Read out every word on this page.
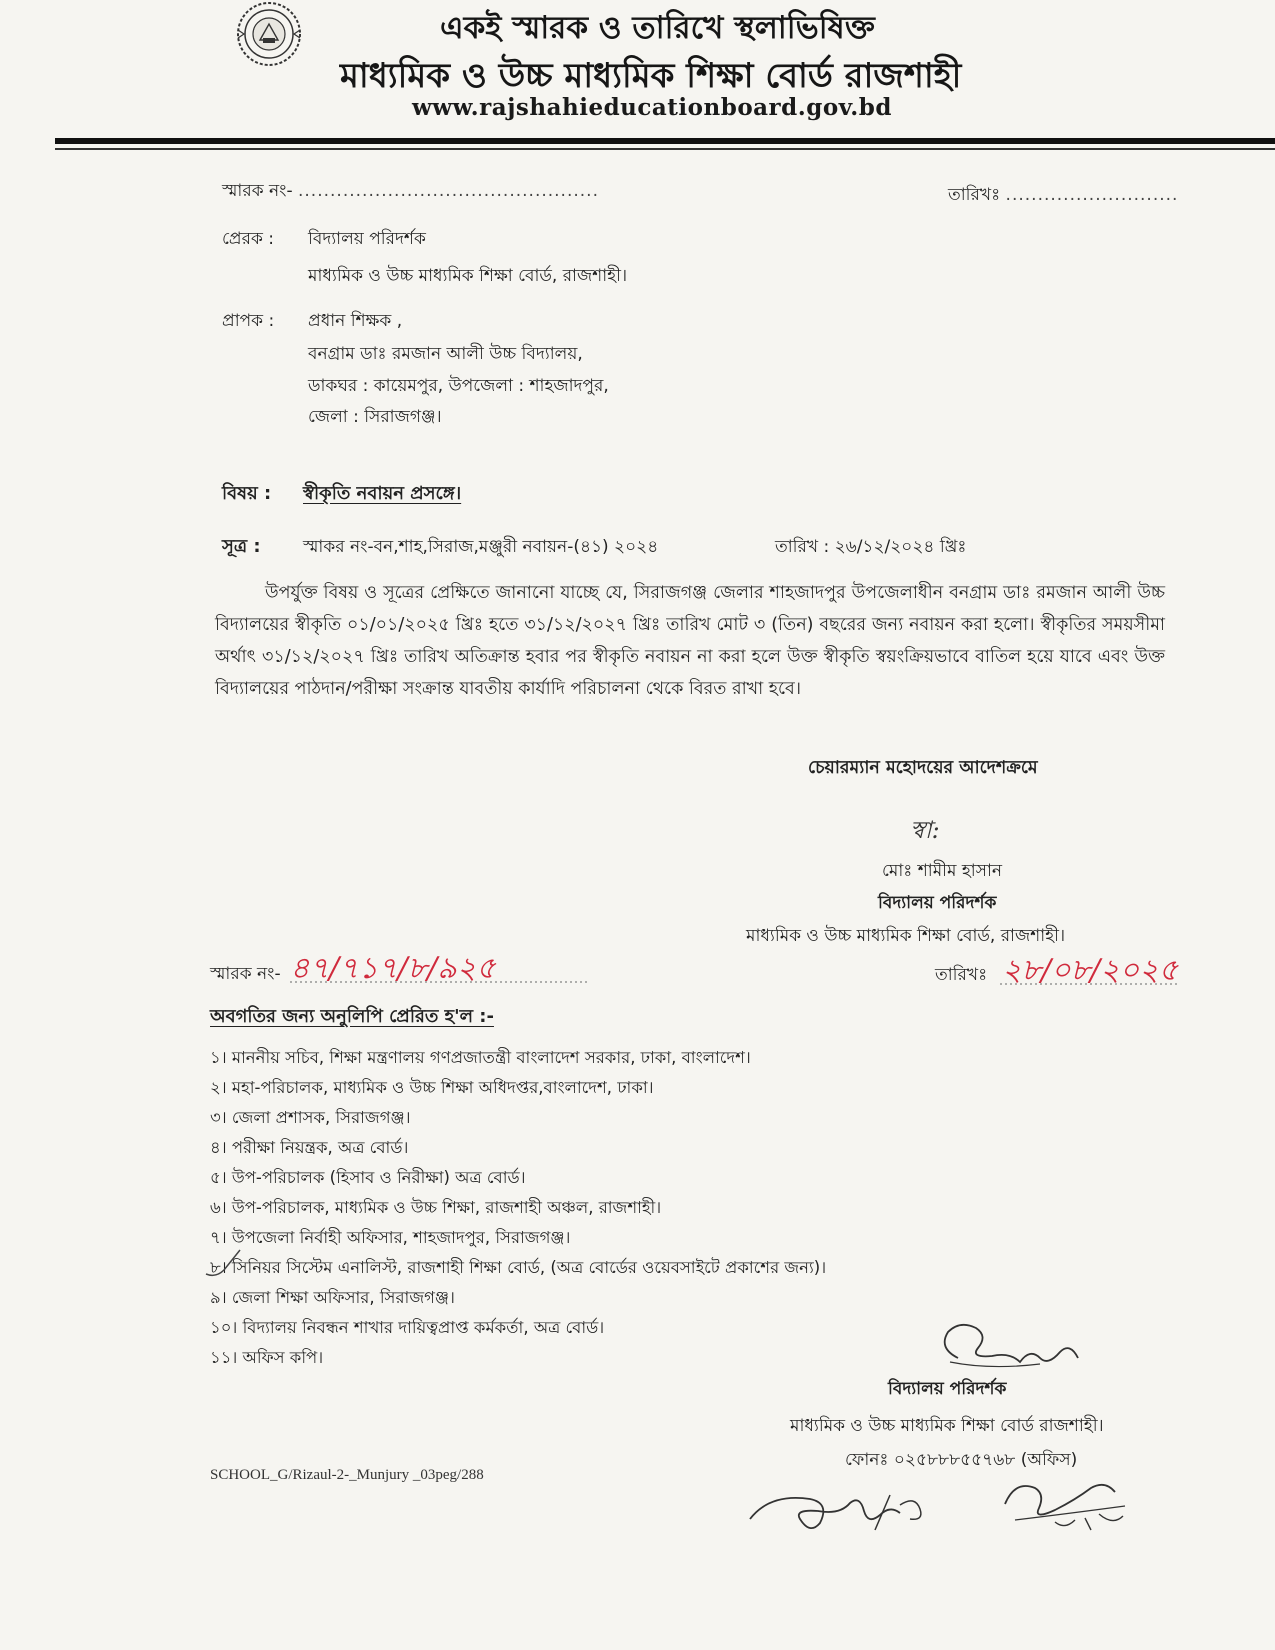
একই স্মারক ও তারিখে স্থলাভিষিক্ত
মাধ্যমিক ও উচ্চ মাধ্যমিক শিক্ষা বোর্ড রাজশাহী
www.rajshahieducationboard.gov.bd
স্মারক নং- ...............................................	তারিখঃ ...........................
প্রেরক : বিদ্যালয় পরিদর্শক
মাধ্যমিক ও উচ্চ মাধ্যমিক শিক্ষা বোর্ড, রাজশাহী।
প্রাপক : প্রধান শিক্ষক ,
বনগ্রাম ডাঃ রমজান আলী উচ্চ বিদ্যালয়,
ডাকঘর : কায়েমপুর, উপজেলা : শাহজাদপুর,
জেলা : সিরাজগঞ্জ।
বিষয় : স্বীকৃতি নবায়ন প্রসঙ্গে।
সূত্র : স্মাকর নং-বন,শাহ,সিরাজ,মঞ্জুরী নবায়ন-(৪১) ২০২৪	তারিখ : ২৬/১২/২০২৪ খ্রিঃ
উপর্যুক্ত বিষয় ও সূত্রের প্রেক্ষিতে জানানো যাচ্ছে যে, সিরাজগঞ্জ জেলার শাহজাদপুর উপজেলাধীন বনগ্রাম ডাঃ রমজান আলী উচ্চ বিদ্যালয়ের স্বীকৃতি ০১/০১/২০২৫ খ্রিঃ হতে ৩১/১২/২০২৭ খ্রিঃ তারিখ মোট ৩ (তিন) বছরের জন্য নবায়ন করা হলো। স্বীকৃতির সময়সীমা অর্থাৎ ৩১/১২/২০২৭ খ্রিঃ তারিখ অতিক্রান্ত হবার পর স্বীকৃতি নবায়ন না করা হলে উক্ত স্বীকৃতি স্বয়ংক্রিয়ভাবে বাতিল হয়ে যাবে এবং উক্ত বিদ্যালয়ের পাঠদান/পরীক্ষা সংক্রান্ত যাবতীয় কার্যাদি পরিচালনা থেকে বিরত রাখা হবে।
চেয়ারম্যান মহোদয়ের আদেশক্রমে
স্বা:
মোঃ শামীম হাসান
বিদ্যালয় পরিদর্শক
মাধ্যমিক ও উচ্চ মাধ্যমিক শিক্ষা বোর্ড, রাজশাহী।
স্মারক নং- ৪৭/৭১৭/৮/৯২৫	তারিখঃ ২৮/০৮/২০২৫
অবগতির জন্য অনুলিপি প্রেরিত হ'ল :-
১। মাননীয় সচিব, শিক্ষা মন্ত্রণালয় গণপ্রজাতন্ত্রী বাংলাদেশ সরকার, ঢাকা, বাংলাদেশ।
২। মহা-পরিচালক, মাধ্যমিক ও উচ্চ শিক্ষা অধিদপ্তর,বাংলাদেশ, ঢাকা।
৩। জেলা প্রশাসক, সিরাজগঞ্জ।
৪। পরীক্ষা নিয়ন্ত্রক, অত্র বোর্ড।
৫। উপ-পরিচালক (হিসাব ও নিরীক্ষা) অত্র বোর্ড।
৬। উপ-পরিচালক, মাধ্যমিক ও উচ্চ শিক্ষা, রাজশাহী অঞ্চল, রাজশাহী।
৭। উপজেলা নির্বাহী অফিসার, শাহজাদপুর, সিরাজগঞ্জ।
৮। সিনিয়র সিস্টেম এনালিস্ট, রাজশাহী শিক্ষা বোর্ড, (অত্র বোর্ডের ওয়েবসাইটে প্রকাশের জন্য)।
৯। জেলা শিক্ষা অফিসার, সিরাজগঞ্জ।
১০। বিদ্যালয় নিবন্ধন শাখার দায়িত্বপ্রাপ্ত কর্মকর্তা, অত্র বোর্ড।
১১। অফিস কপি।
বিদ্যালয় পরিদর্শক
মাধ্যমিক ও উচ্চ মাধ্যমিক শিক্ষা বোর্ড রাজশাহী।
ফোনঃ ০২৫৮৮৮৫৫৭৬৮ (অফিস)
SCHOOL_G/Rizaul-2-_Munjury _03peg/288
